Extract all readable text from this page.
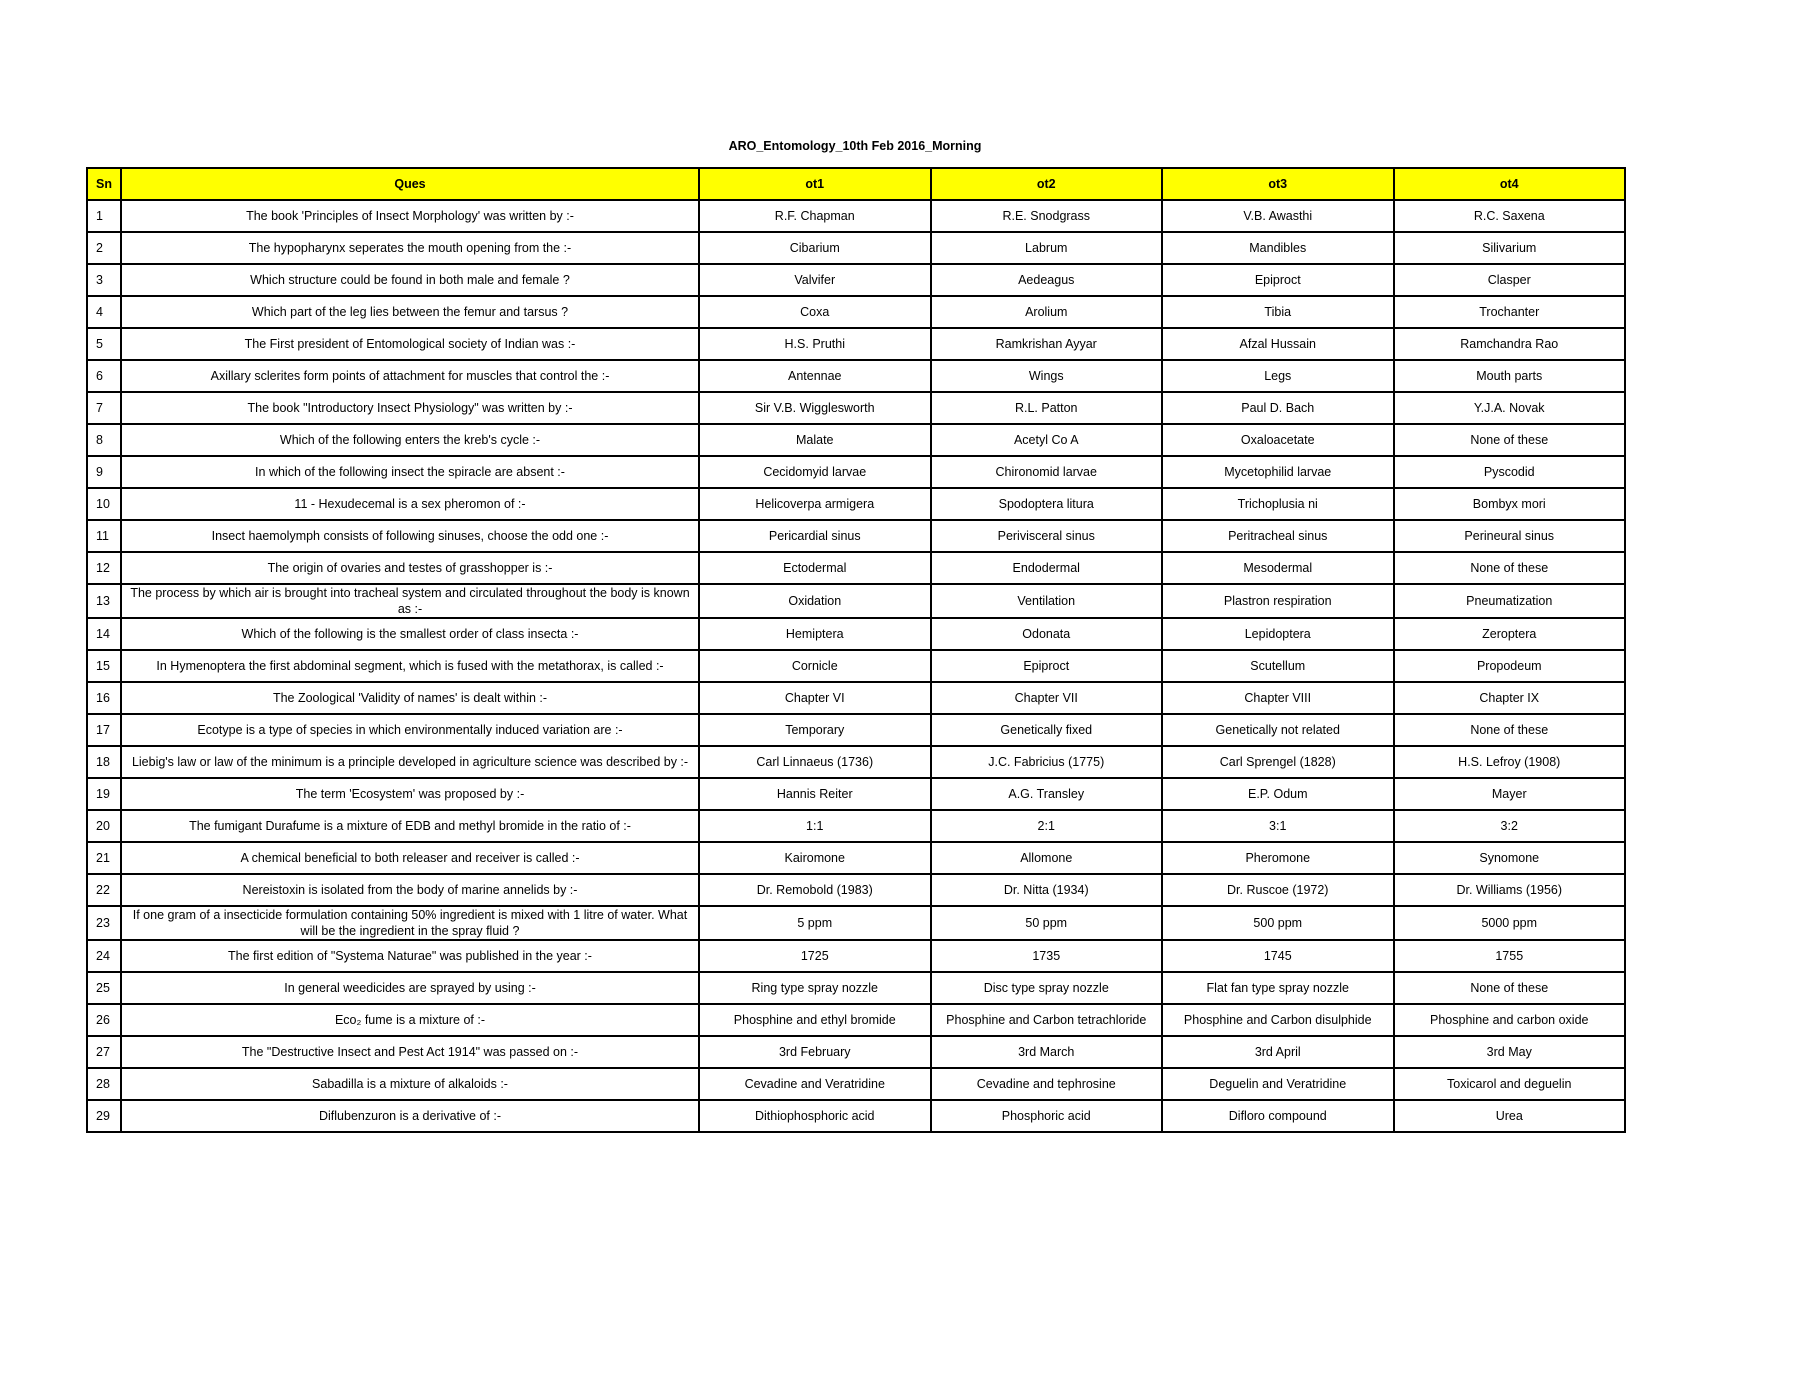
ARO_Entomology_10th Feb 2016_Morning
Sn	Ques	ot1	ot2	ot3	ot4
1	The book 'Principles of Insect Morphology' was written by :-	R.F. Chapman	R.E. Snodgrass	V.B. Awasthi	R.C. Saxena
2	The hypopharynx seperates the mouth opening from the :-	Cibarium	Labrum	Mandibles	Silivarium
3	Which structure could be found in both male and female ?	Valvifer	Aedeagus	Epiproct	Clasper
4	Which part of the leg lies between the femur and tarsus ?	Coxa	Arolium	Tibia	Trochanter
5	The First president of Entomological society of Indian was :-	H.S. Pruthi	Ramkrishan Ayyar	Afzal Hussain	Ramchandra Rao
6	Axillary sclerites form points of attachment for muscles that control the :-	Antennae	Wings	Legs	Mouth parts
7	The book "Introductory Insect Physiology" was written by :-	Sir V.B. Wigglesworth	R.L. Patton	Paul D. Bach	Y.J.A. Novak
8	Which of the following enters the kreb's cycle :-	Malate	Acetyl Co A	Oxaloacetate	None of these
9	In which of the following insect the spiracle are absent :-	Cecidomyid larvae	Chironomid larvae	Mycetophilid larvae	Pyscodid
10	11 - Hexudecemal is a sex pheromon of :-	Helicoverpa armigera	Spodoptera litura	Trichoplusia ni	Bombyx mori
11	Insect haemolymph consists of following sinuses, choose the odd one :-	Pericardial sinus	Perivisceral sinus	Peritracheal sinus	Perineural sinus
12	The origin of ovaries and testes of grasshopper is :-	Ectodermal	Endodermal	Mesodermal	None of these
13	The process by which air is brought into tracheal system and circulated throughout the body is known as :-	Oxidation	Ventilation	Plastron respiration	Pneumatization
14	Which of the following is the smallest order of class insecta :-	Hemiptera	Odonata	Lepidoptera	Zeroptera
15	In Hymenoptera the first abdominal segment, which is fused with the metathorax, is called :-	Cornicle	Epiproct	Scutellum	Propodeum
16	The Zoological 'Validity of names' is dealt within :-	Chapter VI	Chapter VII	Chapter VIII	Chapter IX
17	Ecotype is a type of species in which environmentally induced variation are :-	Temporary	Genetically fixed	Genetically not related	None of these
18	Liebig's law or law of the minimum is a principle developed in agriculture science was described by :-	Carl Linnaeus (1736)	J.C. Fabricius (1775)	Carl Sprengel (1828)	H.S. Lefroy (1908)
19	The term 'Ecosystem' was proposed by :-	Hannis Reiter	A.G. Transley	E.P. Odum	Mayer
20	The fumigant Durafume is a mixture of EDB and methyl bromide in the ratio of :-	1:1	2:1	3:1	3:2
21	A chemical beneficial to both releaser and receiver is called :-	Kairomone	Allomone	Pheromone	Synomone
22	Nereistoxin is isolated from the body of marine annelids by :-	Dr. Remobold (1983)	Dr. Nitta (1934)	Dr. Ruscoe (1972)	Dr. Williams (1956)
23	If one gram of a insecticide formulation containing 50% ingredient is mixed with 1 litre of water. What will be the ingredient in the spray fluid ?	5 ppm	50 ppm	500 ppm	5000 ppm
24	The first edition of "Systema Naturae" was published in the year :-	1725	1735	1745	1755
25	In general weedicides are sprayed by using :-	Ring type spray nozzle	Disc type spray nozzle	Flat fan type spray nozzle	None of these
26	Eco₂ fume is a mixture of :-	Phosphine and ethyl bromide	Phosphine and Carbon tetrachloride	Phosphine and Carbon disulphide	Phosphine and carbon oxide
27	The "Destructive Insect and Pest Act 1914" was passed on :-	3rd February	3rd March	3rd April	3rd May
28	Sabadilla is a mixture of alkaloids :-	Cevadine and Veratridine	Cevadine and tephrosine	Deguelin and Veratridine	Toxicarol and deguelin
29	Diflubenzuron is a derivative of :-	Dithiophosphoric acid	Phosphoric acid	Difloro compound	Urea
